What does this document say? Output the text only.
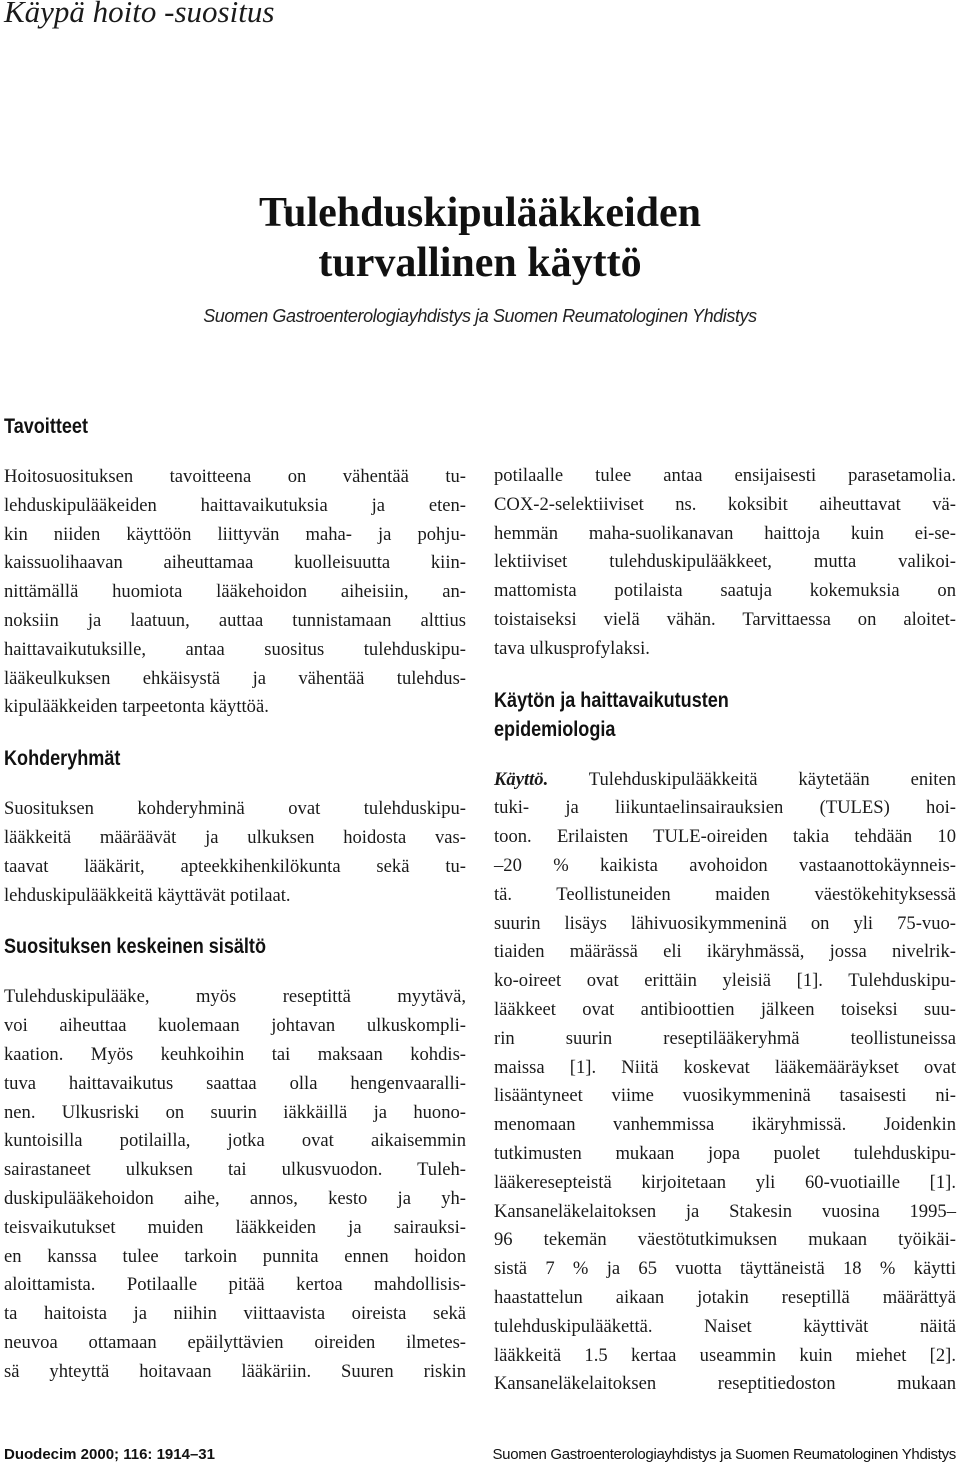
Käypä hoito -suositus
Tulehduskipulääkkeiden
turvallinen käyttö
Suomen Gastroenterologiayhdistys ja Suomen Reumatologinen Yhdistys
Tavoitteet

Hoitosuosituksen tavoitteena on vähentää tu-
lehduskipulääkeiden haittavaikutuksia ja eten-
kin niiden käyttöön liittyvän maha- ja pohju-
kaissuolihaavan aiheuttamaa kuolleisuutta kiin-
nittämällä huomiota lääkehoidon aiheisiin, an-
noksiin ja laatuun, auttaa tunnistamaan alttius
haittavaikutuksille, antaa suositus tulehduskipu-
lääkeulkuksen ehkäisystä ja vähentää tulehdus-
kipulääkkeiden tarpeetonta käyttöä.

Kohderyhmät

Suosituksen kohderyhminä ovat tulehduskipu-
lääkkeitä määräävät ja ulkuksen hoidosta vas-
taavat lääkärit, apteekkihenkilökunta sekä tu-
lehduskipulääkkeitä käyttävät potilaat.

Suosituksen keskeinen sisältö

Tulehduskipulääke, myös reseptittä myytävä,
voi aiheuttaa kuolemaan johtavan ulkuskompli-
kaation. Myös keuhkoihin tai maksaan kohdis-
tuva haittavaikutus saattaa olla hengenvaaralli-
nen. Ulkusriski on suurin iäkkäillä ja huono-
kuntoisilla potilailla, jotka ovat aikaisemmin
sairastaneet ulkuksen tai ulkusvuodon. Tuleh-
duskipulääkehoidon aihe, annos, kesto ja yh-
teisvaikutukset muiden lääkkeiden ja sairauksi-
en kanssa tulee tarkoin punnita ennen hoidon
aloittamista. Potilaalle pitää kertoa mahdollisis-
ta haitoista ja niihin viittaavista oireista sekä
neuvoa ottamaan epäilyttävien oireiden ilmetes-
sä yhteyttä hoitavaan lääkäriin. Suuren riskin

potilaalle tulee antaa ensijaisesti parasetamolia.
COX-2-selektiiviset ns. koksibit aiheuttavat vä-
hemmän maha-suolikanavan haittoja kuin ei-se-
lektiiviset tulehduskipulääkkeet, mutta valikoi-
mattomista potilaista saatuja kokemuksia on
toistaiseksi vielä vähän. Tarvittaessa on aloitet-
tava ulkusprofylaksi.

Käytön ja haittavaikutusten
epidemiologia

Käyttö. Tulehduskipulääkkeitä käytetään eniten
tuki- ja liikuntaelinsairauksien (TULES) hoi-
toon. Erilaisten TULE-oireiden takia tehdään 10
–20 % kaikista avohoidon vastaanottokäynneis-
tä. Teollistuneiden maiden väestökehityksessä
suurin lisäys lähivuosikymmeninä on yli 75-vuo-
tiaiden määrässä eli ikäryhmässä, jossa nivelrik-
ko-oireet ovat erittäin yleisiä [1]. Tulehduskipu-
lääkkeet ovat antibioottien jälkeen toiseksi suu-
rin suurin reseptilääkeryhmä teollistuneissa
maissa [1]. Niitä koskevat lääkemääräykset ovat
lisääntyneet viime vuosikymmeninä tasaisesti ni-
menomaan vanhemmissa ikäryhmissä. Joidenkin
tutkimusten mukaan jopa puolet tulehduskipu-
lääkeresepteistä kirjoitetaan yli 60-vuotiaille [1].
Kansaneläkelaitoksen ja Stakesin vuosina 1995–
96 tekemän väestötutkimuksen mukaan työikäi-
sistä 7 % ja 65 vuotta täyttäneistä 18 % käytti
haastattelun aikaan jotakin reseptillä määrättyä
tulehduskipulääkettä. Naiset käyttivät näitä
lääkkeitä 1.5 kertaa useammin kuin miehet [2].
Kansaneläkelaitoksen reseptitiedoston mukaan

Duodecim 2000; 116: 1914–31	Suomen Gastroenterologiayhdistys ja Suomen Reumatologinen Yhdistys
